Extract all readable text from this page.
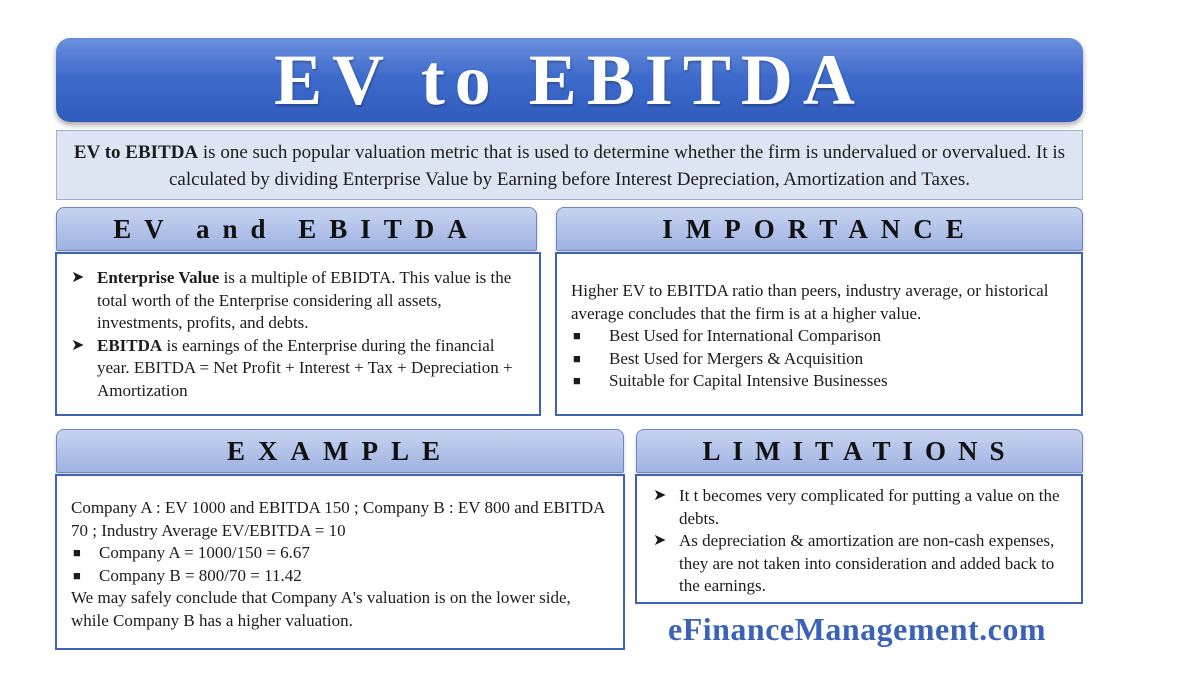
EV to EBITDA
EV to EBITDA is one such popular valuation metric that is used to determine whether the firm is undervalued or overvalued. It is calculated by dividing Enterprise Value by Earning before Interest Depreciation, Amortization and Taxes.
EV and EBITDA
➤ Enterprise Value is a multiple of EBIDTA. This value is the total worth of the Enterprise considering all assets, investments, profits, and debts.
➤ EBITDA is earnings of the Enterprise during the financial year. EBITDA = Net Profit + Interest + Tax + Depreciation + Amortization
IMPORTANCE
Higher EV to EBITDA ratio than peers, industry average, or historical average concludes that the firm is at a higher value.
■ Best Used for International Comparison
■ Best Used for Mergers & Acquisition
■ Suitable for Capital Intensive Businesses
EXAMPLE
Company A : EV 1000 and EBITDA 150 ; Company B : EV 800 and EBITDA 70 ; Industry Average EV/EBITDA = 10
■ Company A = 1000/150 = 6.67
■ Company B = 800/70 = 11.42
We may safely conclude that Company A's valuation is on the lower side, while Company B has a higher valuation.
LIMITATIONS
➤ It t becomes very complicated for putting a value on the debts.
➤ As depreciation & amortization are non-cash expenses, they are not taken into consideration and added back to the earnings.
eFinanceManagement.com
